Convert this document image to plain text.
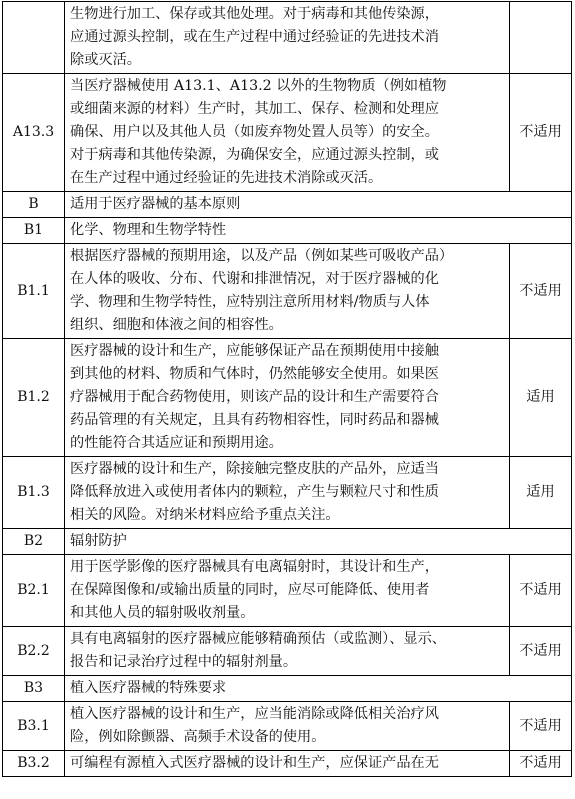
	生物进行加工、保存或其他处理。对于病毒和其他传染源，
应通过源头控制，或在生产过程中通过经验证的先进技术消
除或灭活。	

A13.3	当医疗器械使用 A13.1、A13.2 以外的生物物质（例如植物
或细菌来源的材料）生产时，其加工、保存、检测和处理应
确保、用户以及其他人员（如废弃物处置人员等）的安全。
对于病毒和其他传染源，为确保安全，应通过源头控制，或
在生产过程中通过经验证的先进技术消除或灭活。	不适用
B	适用于医疗器械的基本原则	

B1	化学、物理和生物学特性	

B1.1	根据医疗器械的预期用途，以及产品（例如某些可吸收产品）
在人体的吸收、分布、代谢和排泄情况，对于医疗器械的化
学、物理和生物学特性，应特别注意所用材料/物质与人体
组织、细胞和体液之间的相容性。	不适用
B1.2	医疗器械的设计和生产，应能够保证产品在预期使用中接触
到其他的材料、物质和气体时，仍然能够安全使用。如果医
疗器械用于配合药物使用，则该产品的设计和生产需要符合
药品管理的有关规定，且具有药物相容性，同时药品和器械
的性能符合其适应证和预期用途。	适用
B1.3	医疗器械的设计和生产，除接触完整皮肤的产品外，应适当
降低释放进入或使用者体内的颗粒，产生与颗粒尺寸和性质
相关的风险。对纳米材料应给予重点关注。	适用
B2	辐射防护	

B2.1	用于医学影像的医疗器械具有电离辐射时，其设计和生产，
在保障图像和/或输出质量的同时，应尽可能降低、使用者
和其他人员的辐射吸收剂量。	不适用
B2.2	具有电离辐射的医疗器械应能够精确预估（或监测）、显示、
报告和记录治疗过程中的辐射剂量。	不适用
B3	植入医疗器械的特殊要求	

B3.1	植入医疗器械的设计和生产，应当能消除或降低相关治疗风
险，例如除颤器、高频手术设备的使用。	不适用
B3.2	可编程有源植入式医疗器械的设计和生产，应保证产品在无	不适用
